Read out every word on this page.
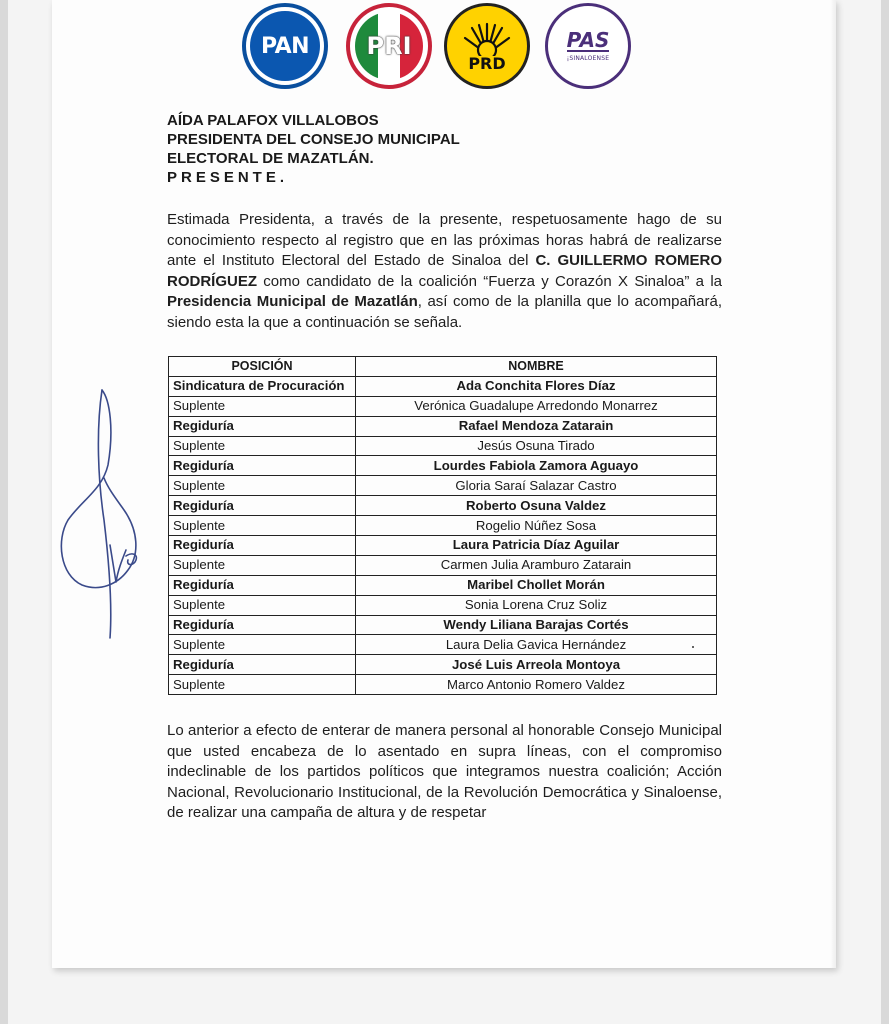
PAN	PRI
PRD
PAS
¡SINALOENSE
AÍDA PALAFOX VILLALOBOS
PRESIDENTA DEL CONSEJO MUNICIPAL
ELECTORAL DE MAZATLÁN.
PRESENTE.
Estimada Presidenta, a través de la presente, respetuosamente hago de su conocimiento respecto al registro que en las próximas horas habrá de realizarse ante el Instituto Electoral del Estado de Sinaloa del C. GUILLERMO ROMERO RODRÍGUEZ como candidato de la coalición “Fuerza y Corazón X Sinaloa” a la Presidencia Municipal de Mazatlán, así como de la planilla que lo acompañará, siendo esta la que a continuación se señala.
POSICIÓN	NOMBRE
Sindicatura de Procuración	Ada Conchita Flores Díaz
Suplente	Verónica Guadalupe Arredondo Monarrez
Regiduría	Rafael Mendoza Zatarain
Suplente	Jesús Osuna Tirado
Regiduría	Lourdes Fabiola Zamora Aguayo
Suplente	Gloria Saraí Salazar Castro
Regiduría	Roberto Osuna Valdez
Suplente	Rogelio Núñez Sosa
Regiduría	Laura Patricia Díaz Aguilar
Suplente	Carmen Julia Aramburo Zatarain
Regiduría	Maribel Chollet Morán
Suplente	Sonia Lorena Cruz Soliz
Regiduría	Wendy Liliana Barajas Cortés
Suplente	Laura Delia Gavica Hernández
Regiduría	José Luis Arreola Montoya
Suplente	Marco Antonio Romero Valdez
Lo anterior a efecto de enterar de manera personal al honorable Consejo Municipal que usted encabeza de lo asentado en supra líneas, con el compromiso indeclinable de los partidos políticos que integramos nuestra coalición; Acción Nacional, Revolucionario Institucional, de la Revolución Democrática y Sinaloense, de realizar una campaña de altura y de respetar
